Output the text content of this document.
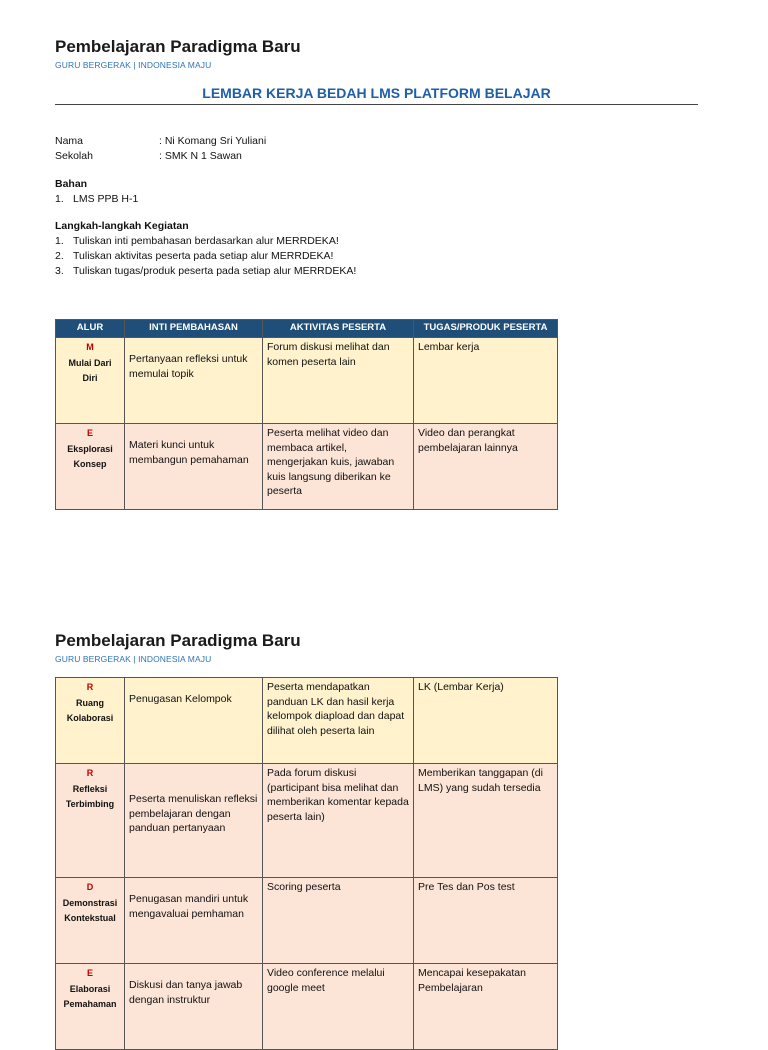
Pembelajaran Paradigma Baru
GURU BERGERAK | INDONESIA MAJU
LEMBAR KERJA BEDAH LMS PLATFORM BELAJAR
Nama	: Ni Komang Sri Yuliani
Sekolah	: SMK N 1 Sawan
Bahan
1. LMS PPB H-1
Langkah-langkah Kegiatan
1. Tuliskan inti pembahasan berdasarkan alur MERRDEKA!
2. Tuliskan aktivitas peserta pada setiap alur MERRDEKA!
3. Tuliskan tugas/produk peserta pada setiap alur MERRDEKA!
ALUR	INTI PEMBAHASAN	AKTIVITAS PESERTA	TUGAS/PRODUK PESERTA

M
Mulai Dari
Diri	Pertanyaan refleksi untuk memulai topik	Forum diskusi melihat dan komen peserta lain	Lembar kerja

E
Eksplorasi
Konsep	Materi kunci untuk membangun pemahaman	Peserta melihat video dan membaca artikel, mengerjakan kuis, jawaban kuis langsung diberikan ke peserta	Video dan perangkat pembelajaran lainnya
Pembelajaran Paradigma Baru
GURU BERGERAK | INDONESIA MAJU
R
Ruang
Kolaborasi	Penugasan Kelompok	Peserta mendapatkan panduan LK dan hasil kerja kelompok diapload dan dapat dilihat oleh peserta lain	LK (Lembar Kerja)

R
Refleksi
Terbimbing	Peserta menuliskan refleksi pembelajaran dengan panduan pertanyaan	Pada forum diskusi (participant bisa melihat dan memberikan komentar kepada peserta lain)	Memberikan tanggapan (di LMS) yang sudah tersedia

D
Demonstrasi
Kontekstual	Penugasan mandiri untuk mengavaluai pemhaman	Scoring peserta	Pre Tes dan Pos test

E
Elaborasi
Pemahaman	Diskusi dan tanya jawab dengan instruktur	Video conference melalui google meet	Mencapai kesepakatan Pembelajaran
